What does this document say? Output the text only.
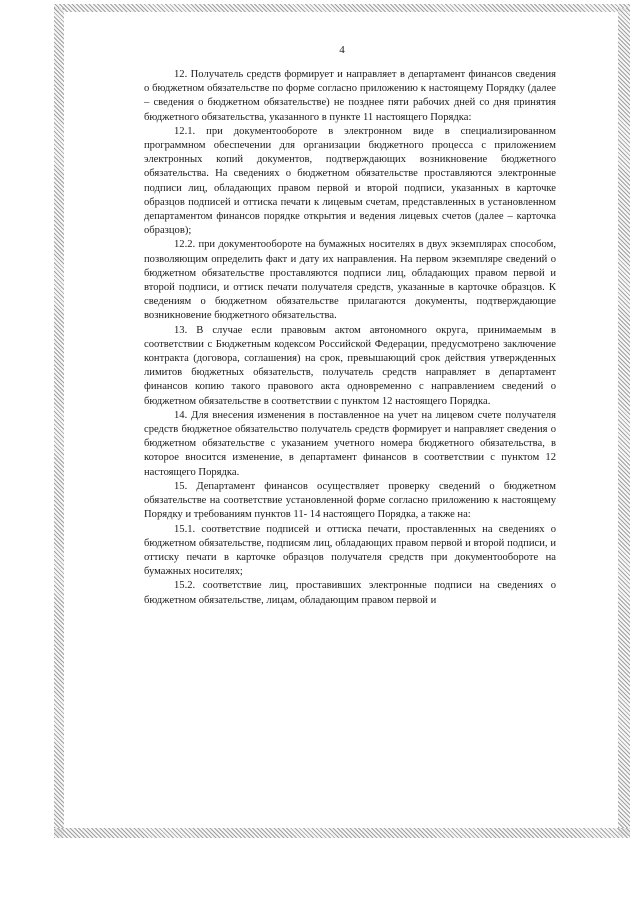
4

12. Получатель средств формирует и направляет в департамент финансов сведения о бюджетном обязательстве по форме согласно приложению к настоящему Порядку (далее – сведения о бюджетном обязательстве) не позднее пяти рабочих дней со дня принятия бюджетного обязательства, указанного в пункте 11 настоящего Порядка:

12.1. при документообороте в электронном виде в специализированном программном обеспечении для организации бюджетного процесса с приложением электронных копий документов, подтверждающих возникновение бюджетного обязательства. На сведениях о бюджетном обязательстве проставляются электронные подписи лиц, обладающих правом первой и второй подписи, указанных в карточке образцов подписей и оттиска печати к лицевым счетам, представленных в установленном департаментом финансов порядке открытия и ведения лицевых счетов (далее – карточка образцов);

12.2. при документообороте на бумажных носителях в двух экземплярах способом, позволяющим определить факт и дату их направления. На первом экземпляре сведений о бюджетном обязательстве проставляются подписи лиц, обладающих правом первой и второй подписи, и оттиск печати получателя средств, указанные в карточке образцов. К сведениям о бюджетном обязательстве прилагаются документы, подтверждающие возникновение бюджетного обязательства.

13. В случае если правовым актом автономного округа, принимаемым в соответствии с Бюджетным кодексом Российской Федерации, предусмотрено заключение контракта (договора, соглашения) на срок, превышающий срок действия утвержденных лимитов бюджетных обязательств, получатель средств направляет в департамент финансов копию такого правового акта одновременно с направлением сведений о бюджетном обязательстве в соответствии с пунктом 12 настоящего Порядка.

14. Для внесения изменения в поставленное на учет на лицевом счете получателя средств бюджетное обязательство получатель средств формирует и направляет сведения о бюджетном обязательстве с указанием учетного номера бюджетного обязательства, в которое вносится изменение, в департамент финансов в соответствии с пунктом 12 настоящего Порядка.

15. Департамент финансов осуществляет проверку сведений о бюджетном обязательстве на соответствие установленной форме согласно приложению к настоящему Порядку и требованиям пунктов 11- 14 настоящего Порядка, а также на:

15.1. соответствие подписей и оттиска печати, проставленных на сведениях о бюджетном обязательстве, подписям лиц, обладающих правом первой и второй подписи, и оттиску печати в карточке образцов получателя средств при документообороте на бумажных носителях;

15.2. соответствие лиц, проставивших электронные подписи на сведениях о бюджетном обязательстве, лицам, обладающим правом первой и
